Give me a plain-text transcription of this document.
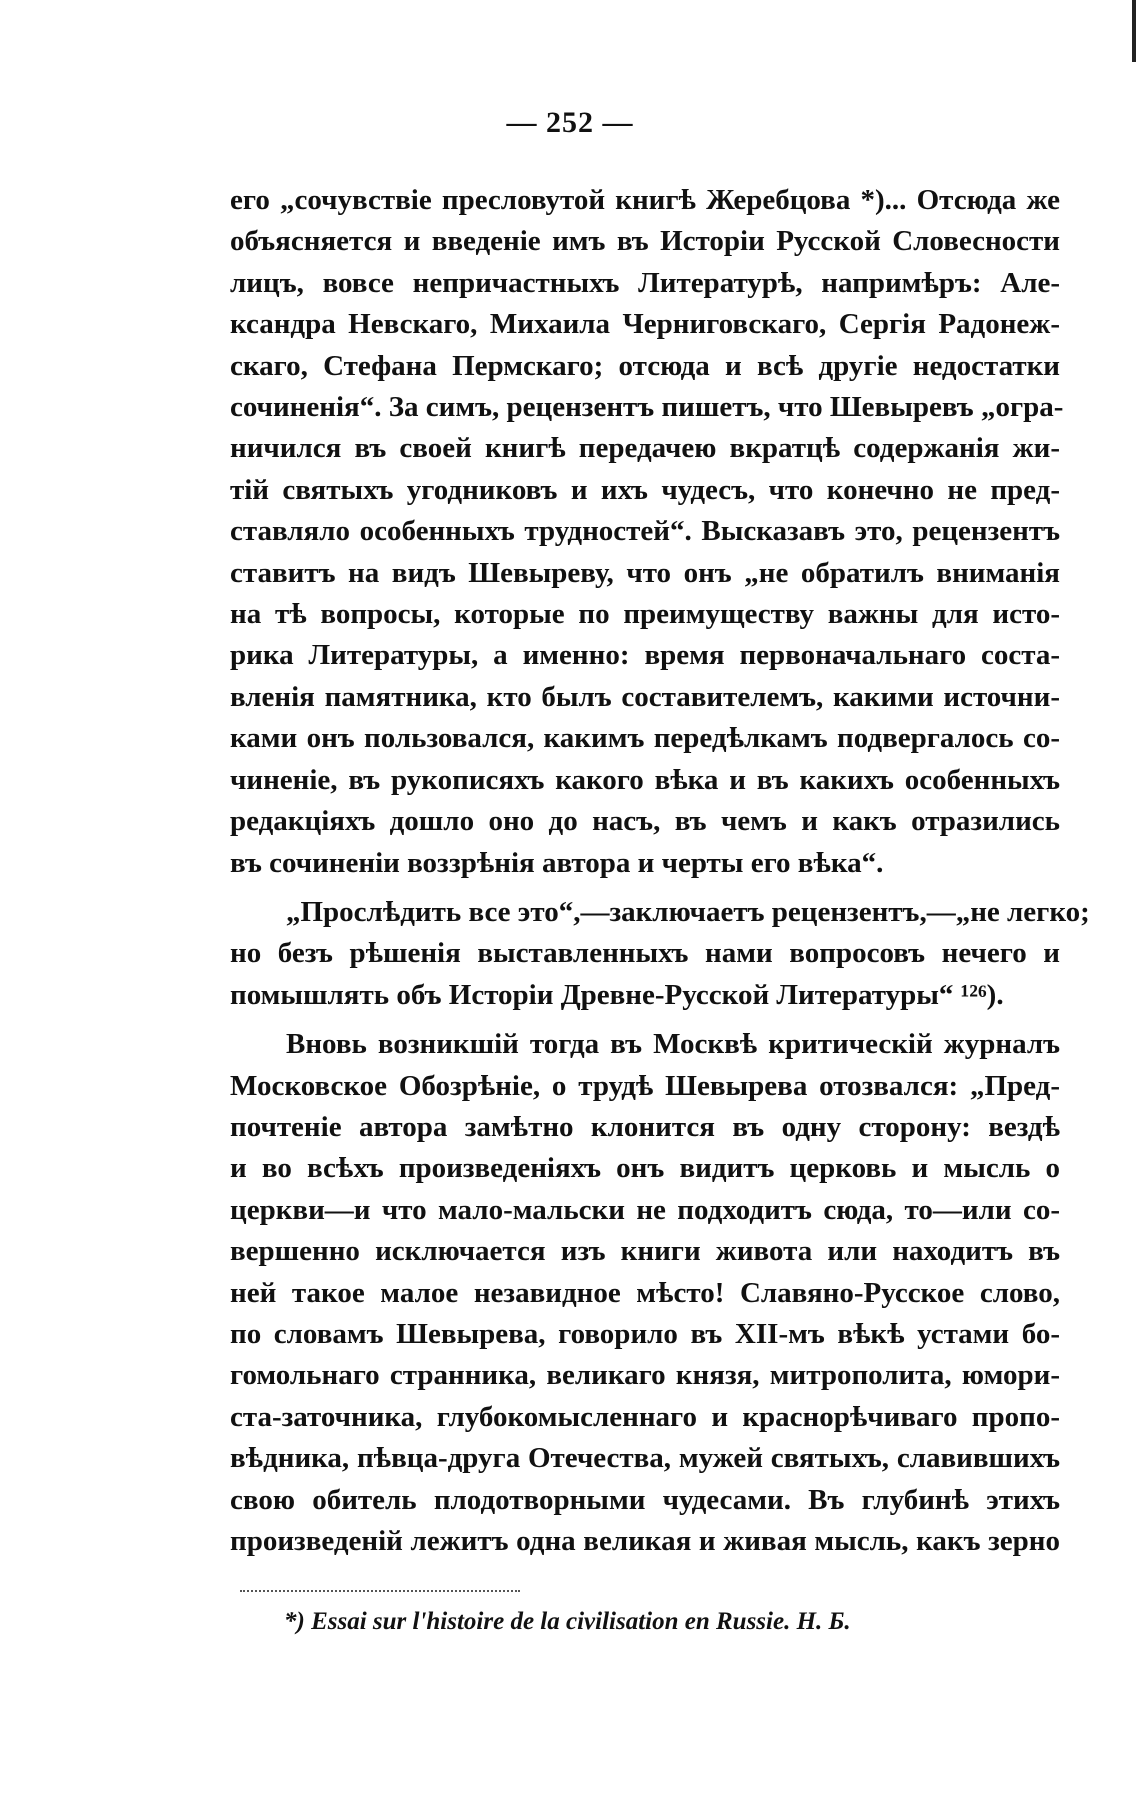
— 252 —
его „сочувствіе пресловутой книгѣ Жеребцова *)... Отсюда же
объясняется и введеніе имъ въ Исторіи Русской Словесности
лицъ, вовсе непричастныхъ Литературѣ, напримѣръ: Але-
ксандра Невскаго, Михаила Черниговскаго, Сергія Радонеж-
скаго, Стефана Пермскаго; отсюда и всѣ другіе недостатки
сочиненія“. За симъ, рецензентъ пишетъ, что Шевыревъ „огра-
ничился въ своей книгѣ передачею вкратцѣ содержанія жи-
тій святыхъ угодниковъ и ихъ чудесъ, что конечно не пред-
ставляло особенныхъ трудностей“. Высказавъ это, рецензентъ
ставитъ на видъ Шевыреву, что онъ „не обратилъ вниманія
на тѣ вопросы, которые по преимуществу важны для исто-
рика Литературы, а именно: время первоначальнаго соста-
вленія памятника, кто былъ составителемъ, какими источни-
ками онъ пользовался, какимъ передѣлкамъ подвергалось со-
чиненіе, въ рукописяхъ какого вѣка и въ какихъ особенныхъ
редакціяхъ дошло оно до насъ, въ чемъ и какъ отразились
въ сочиненіи воззрѣнія автора и черты его вѣка“.
„Прослѣдить все это“,—заключаетъ рецензентъ,—„не легко;
но безъ рѣшенія выставленныхъ нами вопросовъ нечего и
помышлять объ Исторіи Древне-Русской Литературы“ ¹²⁶).
Вновь возникшій тогда въ Москвѣ критическій журналъ
Московское Обозрѣніе, о трудѣ Шевырева отозвался: „Пред-
почтеніе автора замѣтно клонится въ одну сторону: вездѣ
и во всѣхъ произведеніяхъ онъ видитъ церковь и мысль о
церкви—и что мало-мальски не подходитъ сюда, то—или со-
вершенно исключается изъ книги живота или находитъ въ
ней такое малое незавидное мѣсто! Славяно-Русское слово,
по словамъ Шевырева, говорило въ XII-мъ вѣкѣ устами бо-
гомольнаго странника, великаго князя, митрополита, юмори-
ста-заточника, глубокомысленнаго и краснорѣчиваго пропо-
вѣдника, пѣвца-друга Отечества, мужей святыхъ, славившихъ
свою обитель плодотворными чудесами. Въ глубинѣ этихъ
произведеній лежитъ одна великая и живая мысль, какъ зерно
*) Essai sur l'histoire de la civilisation en Russie. Н. Б.
